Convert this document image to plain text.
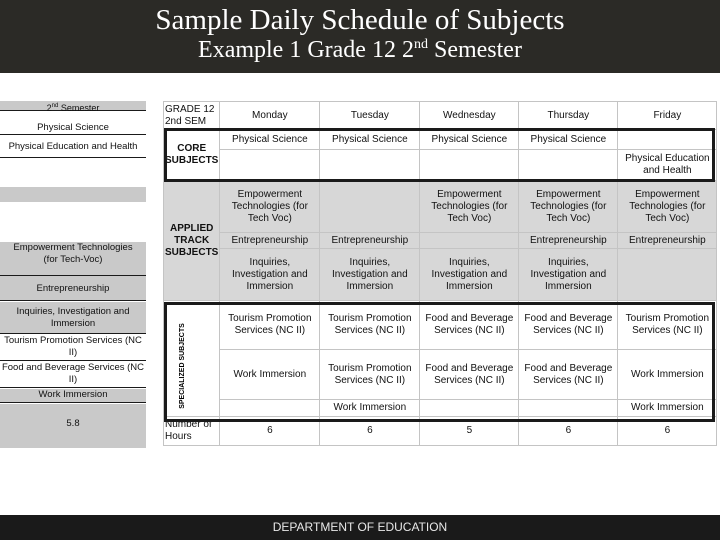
Sample Daily Schedule of Subjects
Example 1 Grade 12 2nd Semester
2nd Semester
Physical Science
Physical Education and Health
Empowerment Technologies
(for Tech-Voc)
Entrepreneurship
Inquiries, Investigation and Immersion
Tourism Promotion Services (NC II)
Food and Beverage Services (NC II)
Work Immersion
5.8
GRADE 12 2nd SEM	Monday	Tuesday	Wednesday	Thursday	Friday
CORE SUBJECTS	Physical Science	Physical Science	Physical Science	Physical Science	
					Physical Education and Health
APPLIED TRACK SUBJECTS	Empowerment Technologies (for Tech Voc)		Empowerment Technologies (for Tech Voc)	Empowerment Technologies (for Tech Voc)	Empowerment Technologies (for Tech Voc)
	Entrepreneurship	Entrepreneurship		Entrepreneurship	Entrepreneurship
	Inquiries, Investigation and Immersion	Inquiries, Investigation and Immersion	Inquiries, Investigation and Immersion	Inquiries, Investigation and Immersion	
	Tourism Promotion Services (NC II)	Tourism Promotion Services (NC II)	Food and Beverage Services (NC II)	Food and Beverage Services (NC II)	Tourism Promotion Services (NC II)
	Work Immersion	Tourism Promotion Services (NC II)	Food and Beverage Services (NC II)	Food and Beverage Services (NC II)	Work Immersion
		Work Immersion			Work Immersion
Number of Hours	6	6	5	6	6
SPECIALIZED SUBJECTS
DEPARTMENT OF EDUCATION
